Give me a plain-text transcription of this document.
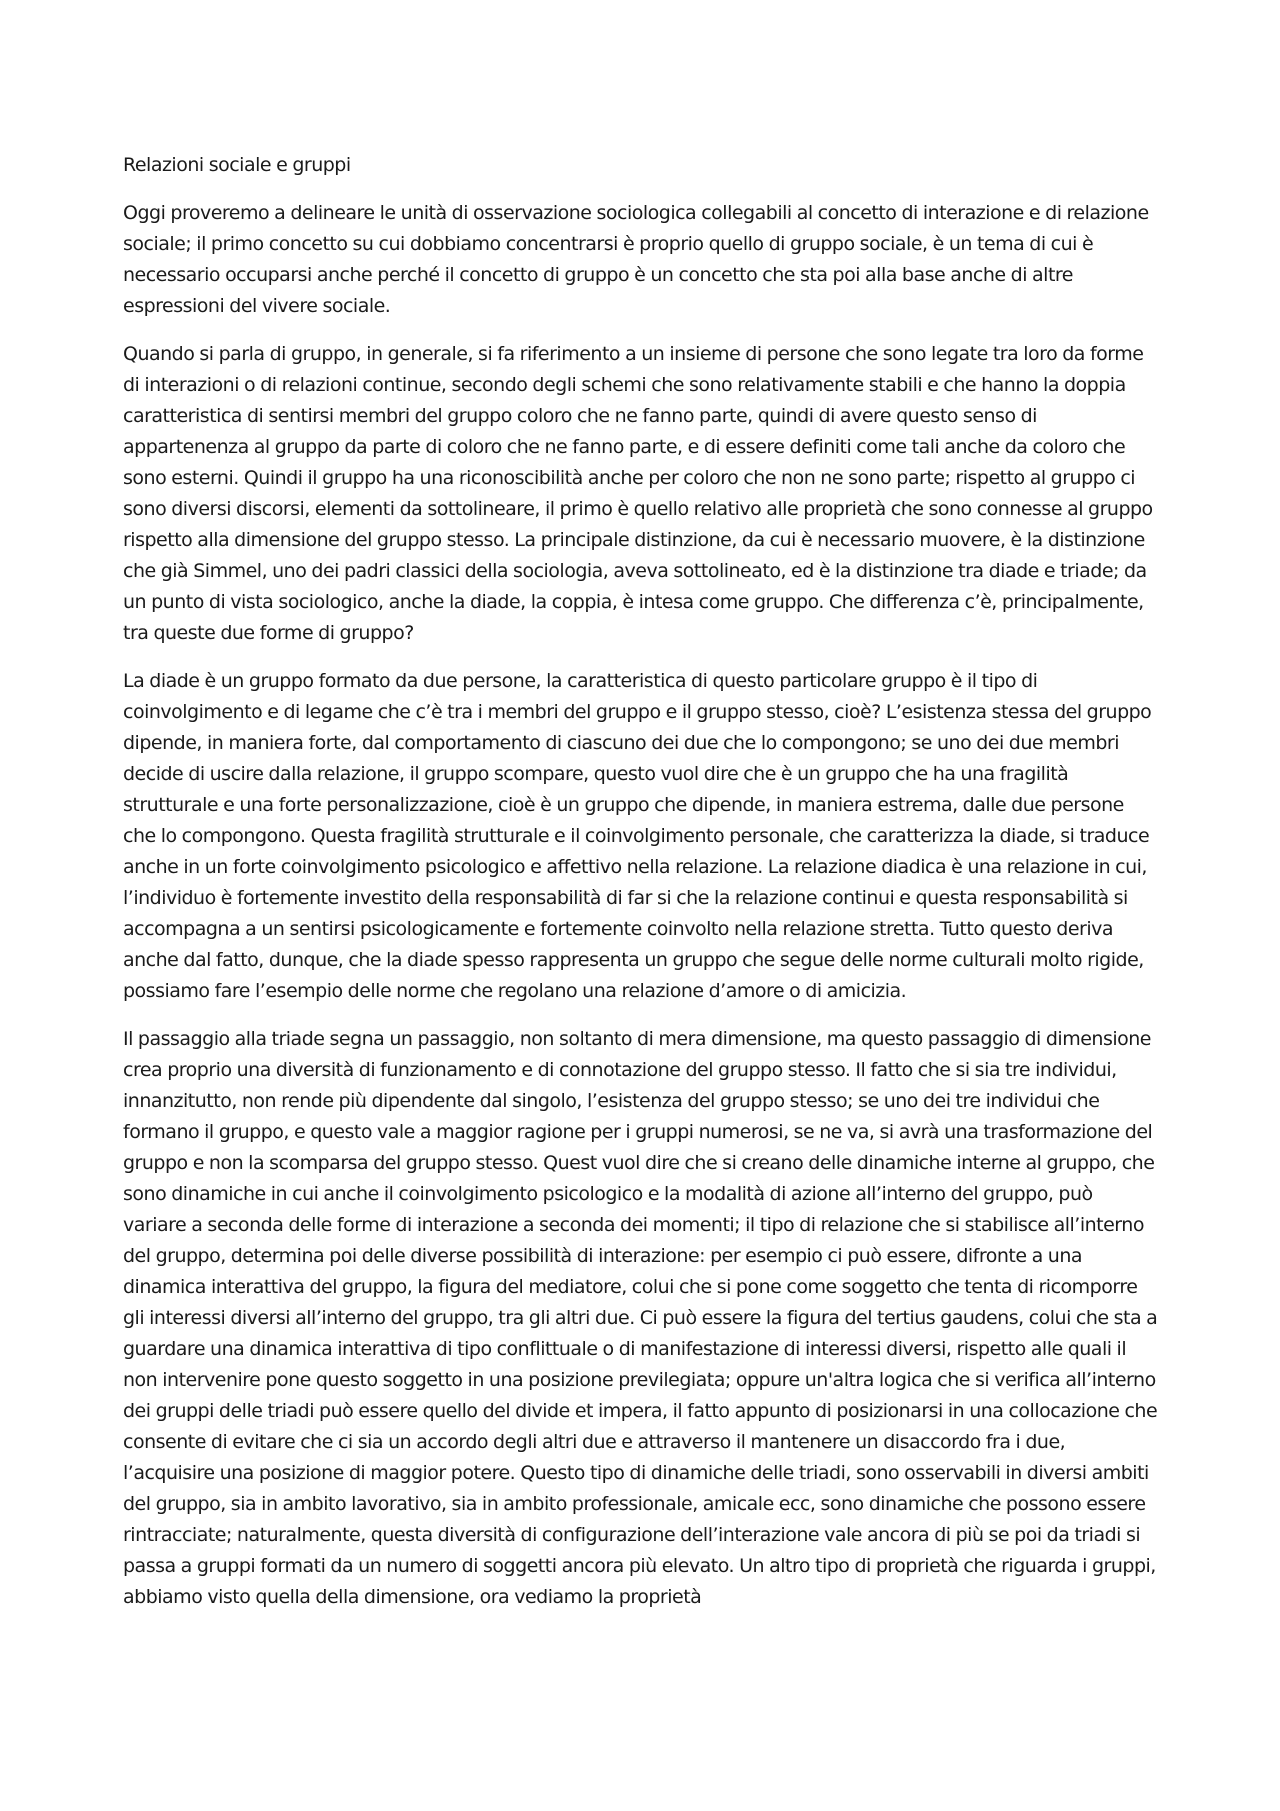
Relazioni sociale e gruppi

Oggi proveremo a delineare le unità di osservazione sociologica collegabili al concetto di interazione e di relazione sociale; il primo concetto su cui dobbiamo concentrarsi è proprio quello di gruppo sociale, è un tema di cui è necessario occuparsi anche perché il concetto di gruppo è un concetto che sta poi alla base anche di altre espressioni del vivere sociale.

Quando si parla di gruppo, in generale, si fa riferimento a un insieme di persone che sono legate tra loro da forme di interazioni o di relazioni continue, secondo degli schemi che sono relativamente stabili e che hanno la doppia caratteristica di sentirsi membri del gruppo coloro che ne fanno parte, quindi di avere questo senso di appartenenza al gruppo da parte di coloro che ne fanno parte, e di essere definiti come tali anche da coloro che sono esterni. Quindi il gruppo ha una riconoscibilità anche per coloro che non ne sono parte; rispetto al gruppo ci sono diversi discorsi, elementi da sottolineare, il primo è quello relativo alle proprietà che sono connesse al gruppo rispetto alla dimensione del gruppo stesso. La principale distinzione, da cui è necessario muovere, è la distinzione che già Simmel, uno dei padri classici della sociologia, aveva sottolineato, ed è la distinzione tra diade e triade; da un punto di vista sociologico, anche la diade, la coppia, è intesa come gruppo. Che differenza c’è, principalmente, tra queste due forme di gruppo?

La diade è un gruppo formato da due persone, la caratteristica di questo particolare gruppo è il tipo di coinvolgimento e di legame che c’è tra i membri del gruppo e il gruppo stesso, cioè? L’esistenza stessa del gruppo dipende, in maniera forte, dal comportamento di ciascuno dei due che lo compongono; se uno dei due membri decide di uscire dalla relazione, il gruppo scompare, questo vuol dire che è un gruppo che ha una fragilità strutturale e una forte personalizzazione, cioè è un gruppo che dipende, in maniera estrema, dalle due persone che lo compongono. Questa fragilità strutturale e il coinvolgimento personale, che caratterizza la diade, si traduce anche in un forte coinvolgimento psicologico e affettivo nella relazione. La relazione diadica è una relazione in cui, l’individuo è fortemente investito della responsabilità di far si che la relazione continui e questa responsabilità si accompagna a un sentirsi psicologicamente e fortemente coinvolto nella relazione stretta. Tutto questo deriva anche dal fatto, dunque, che la diade spesso rappresenta un gruppo che segue delle norme culturali molto rigide, possiamo fare l’esempio delle norme che regolano una relazione d’amore o di amicizia.

Il passaggio alla triade segna un passaggio, non soltanto di mera dimensione, ma questo passaggio di dimensione crea proprio una diversità di funzionamento e di connotazione del gruppo stesso. Il fatto che si sia tre individui, innanzitutto, non rende più dipendente dal singolo, l’esistenza del gruppo stesso; se uno dei tre individui che formano il gruppo, e questo vale a maggior ragione per i gruppi numerosi, se ne va, si avrà una trasformazione del gruppo e non la scomparsa del gruppo stesso. Quest vuol dire che si creano delle dinamiche interne al gruppo, che sono dinamiche in cui anche il coinvolgimento psicologico e la modalità di azione all’interno del gruppo, può variare a seconda delle forme di interazione a seconda dei momenti; il tipo di relazione che si stabilisce all’interno del gruppo, determina poi delle diverse possibilità di interazione: per esempio ci può essere, difronte a una dinamica interattiva del gruppo, la figura del mediatore, colui che si pone come soggetto che tenta di ricomporre gli interessi diversi all’interno del gruppo, tra gli altri due. Ci può essere la figura del tertius gaudens, colui che sta a guardare una dinamica interattiva di tipo conflittuale o di manifestazione di interessi diversi, rispetto alle quali il non intervenire pone questo soggetto in una posizione previlegiata; oppure un'altra logica che si verifica all’interno dei gruppi delle triadi può essere quello del divide et impera, il fatto appunto di posizionarsi in una collocazione che consente di evitare che ci sia un accordo degli altri due e attraverso il mantenere un disaccordo fra i due, l’acquisire una posizione di maggior potere. Questo tipo di dinamiche delle triadi, sono osservabili in diversi ambiti del gruppo, sia in ambito lavorativo, sia in ambito professionale, amicale ecc, sono dinamiche che possono essere rintracciate; naturalmente, questa diversità di configurazione dell’interazione vale ancora di più se poi da triadi si passa a gruppi formati da un numero di soggetti ancora più elevato. Un altro tipo di proprietà che riguarda i gruppi, abbiamo visto quella della dimensione, ora vediamo la proprietà
